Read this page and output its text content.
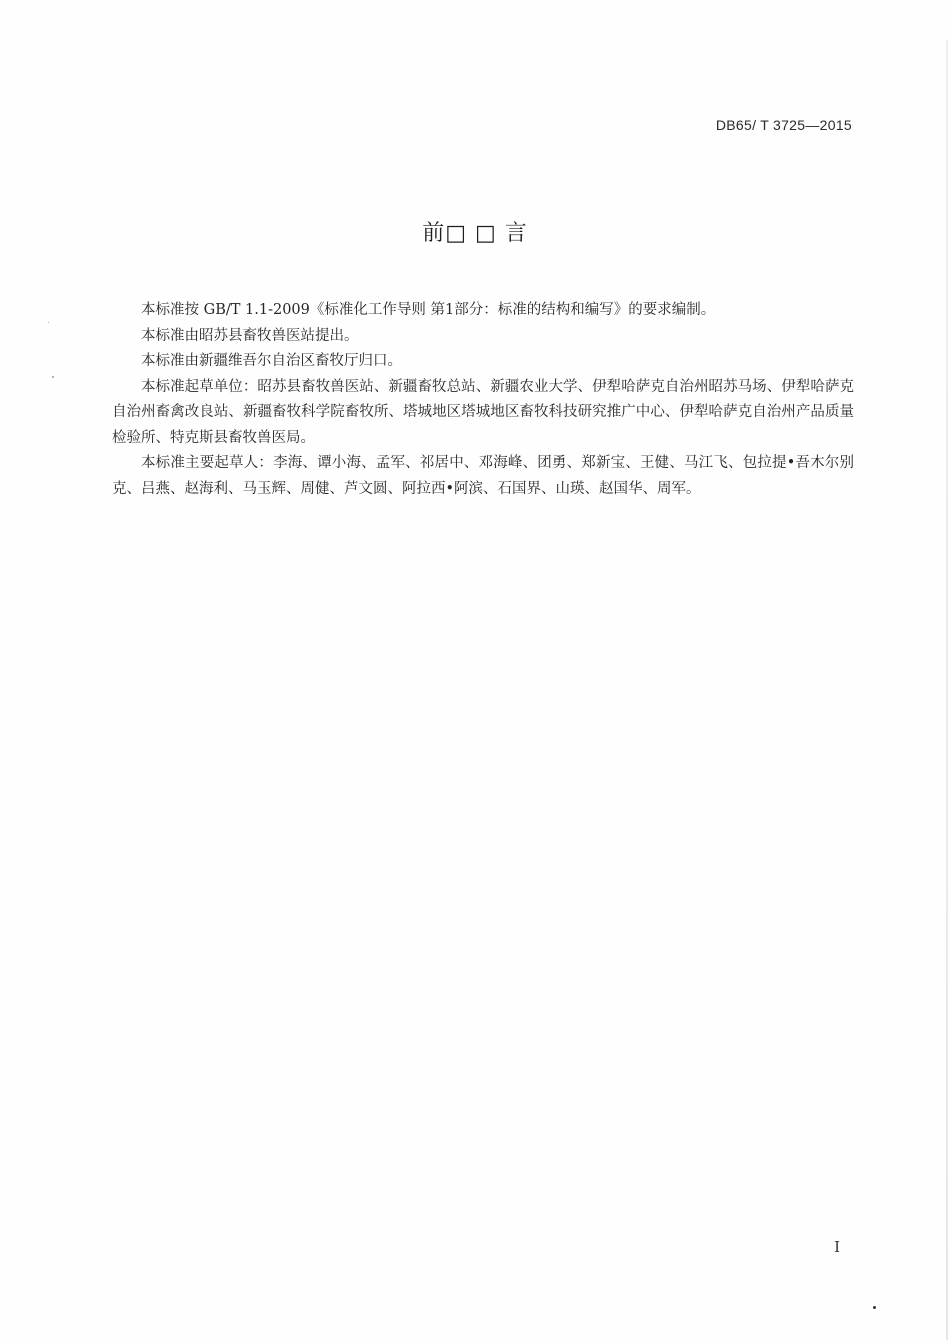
DB65/ T 3725—2015
前□ □ 言

本标准按 GB/T 1.1-2009《标准化工作导则 第1部分：标准的结构和编写》的要求编制。

本标准由昭苏县畜牧兽医站提出。

本标准由新疆维吾尔自治区畜牧厅归口。

本标准起草单位：昭苏县畜牧兽医站、新疆畜牧总站、新疆农业大学、伊犁哈萨克自治州昭苏马场、伊犁哈萨克自治州畜禽改良站、新疆畜牧科学院畜牧所、塔城地区塔城地区畜牧科技研究推广中心、伊犁哈萨克自治州产品质量检验所、特克斯县畜牧兽医局。

本标准主要起草人：李海、谭小海、孟军、祁居中、邓海峰、团勇、郑新宝、王健、马江飞、包拉提•吾木尔别克、吕燕、赵海利、马玉辉、周健、芦文圆、阿拉西•阿滨、石国界、山瑛、赵国华、周军。

I
